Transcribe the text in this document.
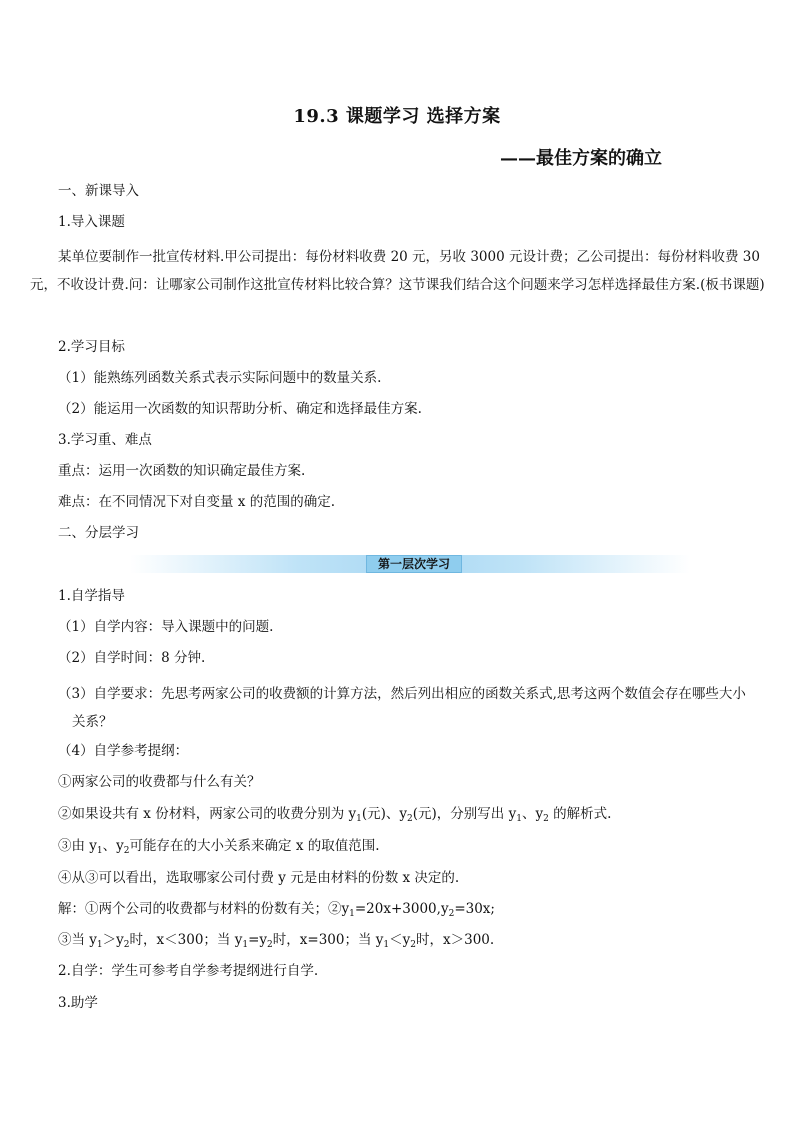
19.3 课题学习 选择方案
——最佳方案的确立
一、新课导入
1.导入课题
某单位要制作一批宣传材料.甲公司提出：每份材料收费 20 元，另收 3000 元设计费；乙公司提出：每份材料收费 30 元，不收设计费.问：让哪家公司制作这批宣传材料比较合算？这节课我们结合这个问题来学习怎样选择最佳方案.(板书课题)
2.学习目标
（1）能熟练列函数关系式表示实际问题中的数量关系.
（2）能运用一次函数的知识帮助分析、确定和选择最佳方案.
3.学习重、难点
重点：运用一次函数的知识确定最佳方案.
难点：在不同情况下对自变量 x 的范围的确定.
二、分层学习
第一层次学习
1.自学指导
（1）自学内容：导入课题中的问题.
（2）自学时间：8 分钟.
（3）自学要求：先思考两家公司的收费额的计算方法，然后列出相应的函数关系式,思考这两个数值会存在哪些大小关系？
（4）自学参考提纲：
①两家公司的收费都与什么有关？
②如果设共有 x 份材料，两家公司的收费分别为 $y_1$(元)、$y_2$(元)，分别写出 $y_1$、$y_2$ 的解析式.
③由 $y_1$、$y_2$可能存在的大小关系来确定 x 的取值范围.
④从③可以看出，选取哪家公司付费 y 元是由材料的份数 x 决定的.
解：①两个公司的收费都与材料的份数有关；$②y_1=20x+3000,y_2=30x$;
③当 $y_1>y_2$时，x＜300；当 $y_1=y_2$时，x=300；当 $y_1<y_2$时，x＞300.
2.自学：学生可参考自学参考提纲进行自学.
3.助学
